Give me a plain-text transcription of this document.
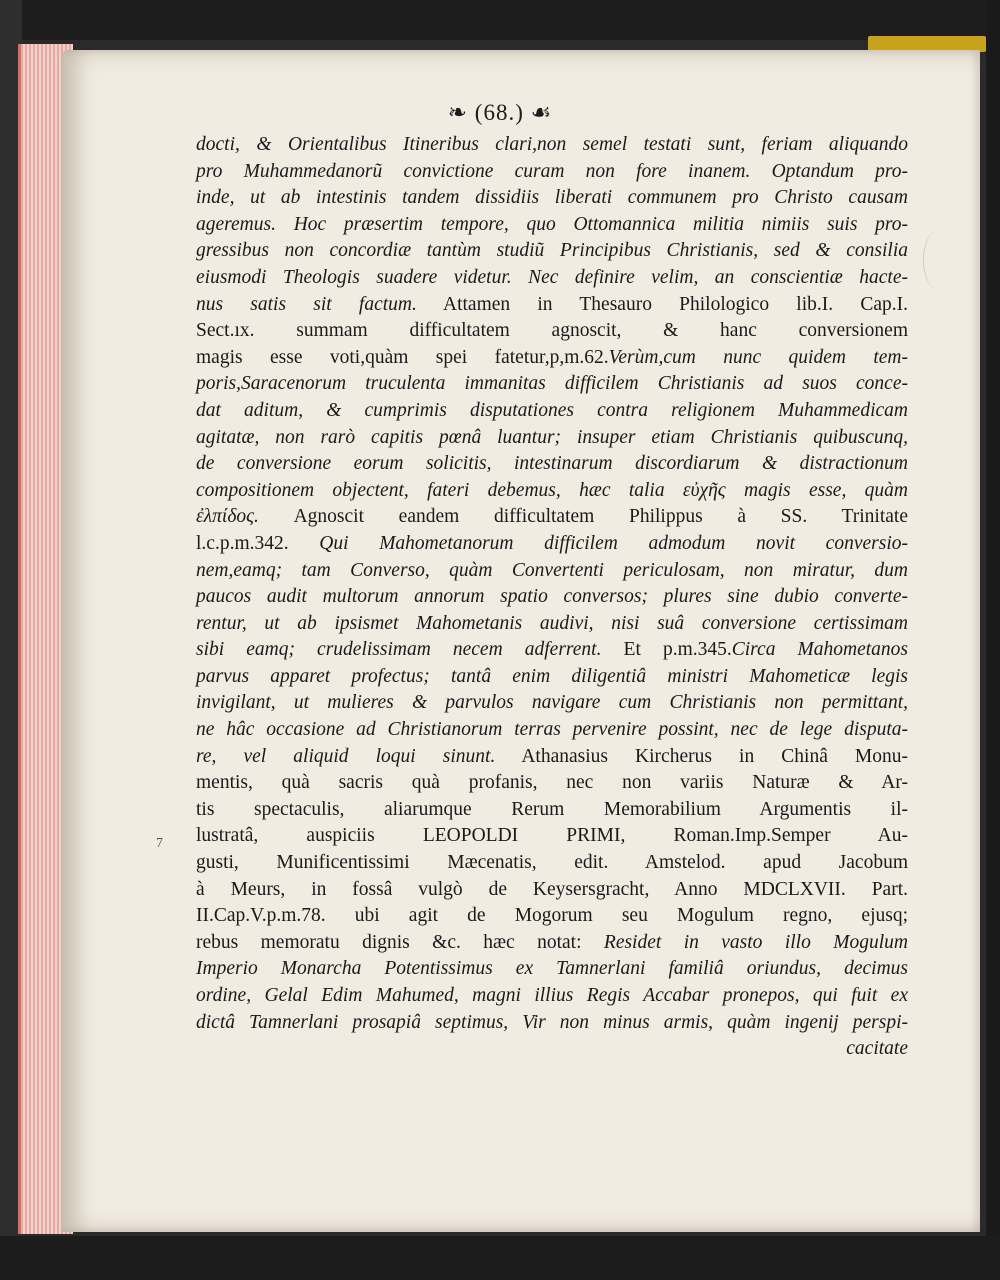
❧ (68.) ☙
7
docti, & Orientalibus Itineribus clari,non semel testati sunt, feriam aliquando
pro Muhammedanorũ convictione curam non fore inanem. Optandum pro-
inde, ut ab intestinis tandem dissidiis liberati communem pro Christo causam
ageremus. Hoc præsertim tempore, quo Ottomannica militia nimiis suis pro-
gressibus non concordiæ tantùm studiũ Principibus Christianis, sed & consilia
eiusmodi Theologis suadere videtur. Nec definire velim, an conscientiæ hacte-
nus satis sit factum. Attamen in Thesauro Philologico lib.I. Cap.I.
Sect.ıx. summam difficultatem agnoscit, & hanc conversionem
magis esse voti,quàm spei fatetur,p,m.62.Verùm,cum nunc quidem tem-
poris,Saracenorum truculenta immanitas difficilem Christianis ad suos conce-
dat aditum, & cumprimis disputationes contra religionem Muhammedicam
agitatæ, non rarò capitis pœnâ luantur; insuper etiam Christianis quibuscunq,
de conversione eorum solicitis, intestinarum discordiarum & distractionum
compositionem objectent, fateri debemus, hæc talia εὐχῆς magis esse, quàm
ἐλπίδος. Agnoscit eandem difficultatem Philippus à SS. Trinitate
l.c.p.m.342. Qui Mahometanorum difficilem admodum novit conversio-
nem,eamq; tam Converso, quàm Convertenti periculosam, non miratur, dum
paucos audit multorum annorum spatio conversos; plures sine dubio converte-
rentur, ut ab ipsismet Mahometanis audivi, nisi suâ conversione certissimam
sibi eamq; crudelissimam necem adferrent. Et p.m.345.Circa Mahometanos
parvus apparet profectus; tantâ enim diligentiâ ministri Mahometicæ legis
invigilant, ut mulieres & parvulos navigare cum Christianis non permittant,
ne hâc occasione ad Christianorum terras pervenire possint, nec de lege disputa-
re, vel aliquid loqui sinunt. Athanasius Kircherus in Chinâ Monu-
mentis, quà sacris quà profanis, nec non variis Naturæ & Ar-
tis spectaculis, aliarumque Rerum Memorabilium Argumentis il-
lustratâ, auspiciis LEOPOLDI PRIMI, Roman.Imp.Semper Au-
gusti, Munificentissimi Mæcenatis, edit. Amstelod. apud Jacobum
à Meurs, in fossâ vulgò de Keysersgracht, Anno MDCLXVII. Part.
II.Cap.V.p.m.78. ubi agit de Mogorum seu Mogulum regno, ejusq;
rebus memoratu dignis &c. hæc notat: Residet in vasto illo Mogulum
Imperio Monarcha Potentissimus ex Tamnerlani familiâ oriundus, decimus
ordine, Gelal Edim Mahumed, magni illius Regis Accabar pronepos, qui fuit ex
dictâ Tamnerlani prosapiâ septimus, Vir non minus armis, quàm ingenij perspi-
cacitate
